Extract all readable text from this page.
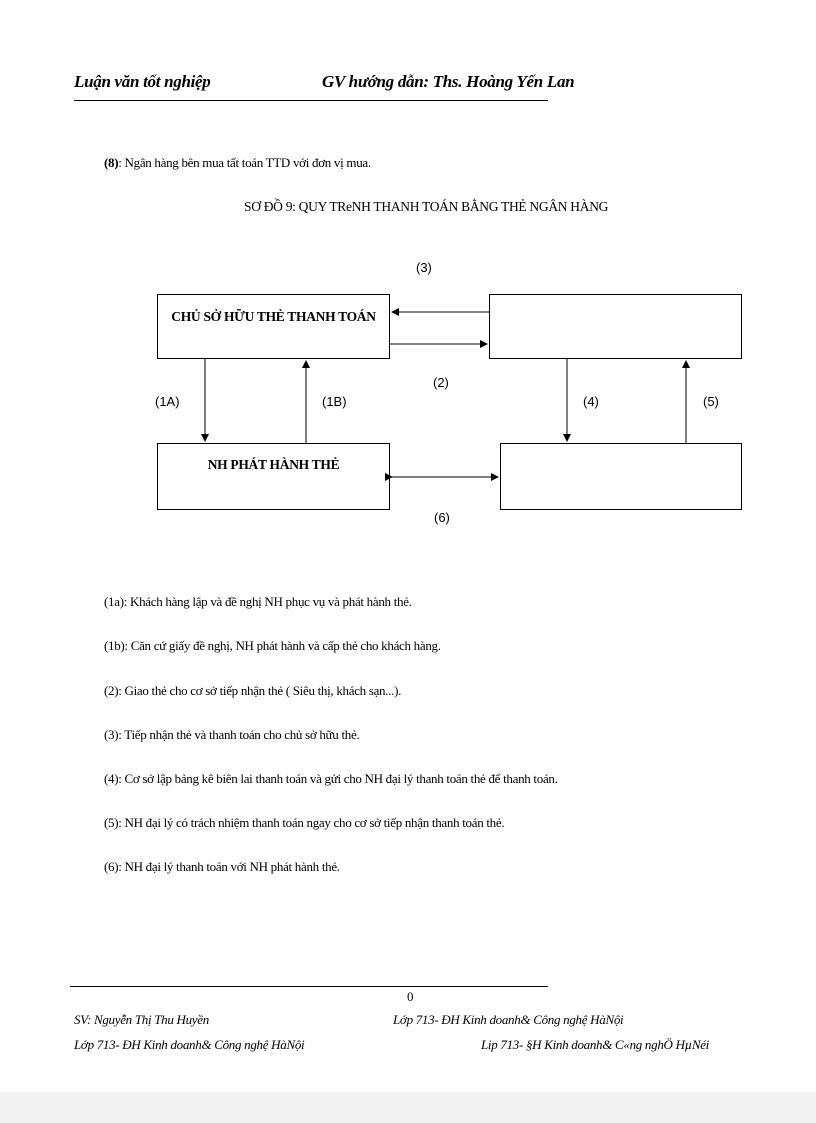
Luận văn tốt nghiệp	GV hướng dẫn: Ths. Hoàng Yến Lan
(8): Ngân hàng bên mua tất toán TTD với đơn vị mua.
SƠ ĐỒ 9: QUY TReNH THANH TOÁN BẰNG THẺ NGÂN HÀNG
CHỦ SỞ HỮU THẺ THANH TOÁN
NH PHÁT HÀNH THẺ
(3)
(2)
(1A)	(1B)	(4)	(5)
(6)
(1a): Khách hàng lập và đề nghị NH phục vụ và phát hành thẻ.
(1b): Căn cứ giấy đề nghị, NH phát hành và cấp thẻ cho khách hàng.
(2): Giao thẻ cho cơ sở tiếp nhận thẻ ( Siêu thị, khách sạn...).
(3): Tiếp nhận thẻ và thanh toán cho chủ sở hữu thẻ.
(4): Cơ sở lập bảng kê biên lai thanh toán và gửi cho NH đại lý thanh toán thẻ để thanh toán.
(5): NH đại lý có trách nhiệm thanh toán ngay cho cơ sở tiếp nhận thanh toán thẻ.
(6): NH đại lý thanh toán với NH phát hành thẻ.
0
SV: Nguyễn Thị Thu Huyền	Lớp 713- ĐH Kinh doanh& Công nghệ HàNội
Lớp 713- ĐH Kinh doanh& Công nghệ HàNội	Lip 713- §H Kinh doanh& C«ng nghÖ HµNéi
